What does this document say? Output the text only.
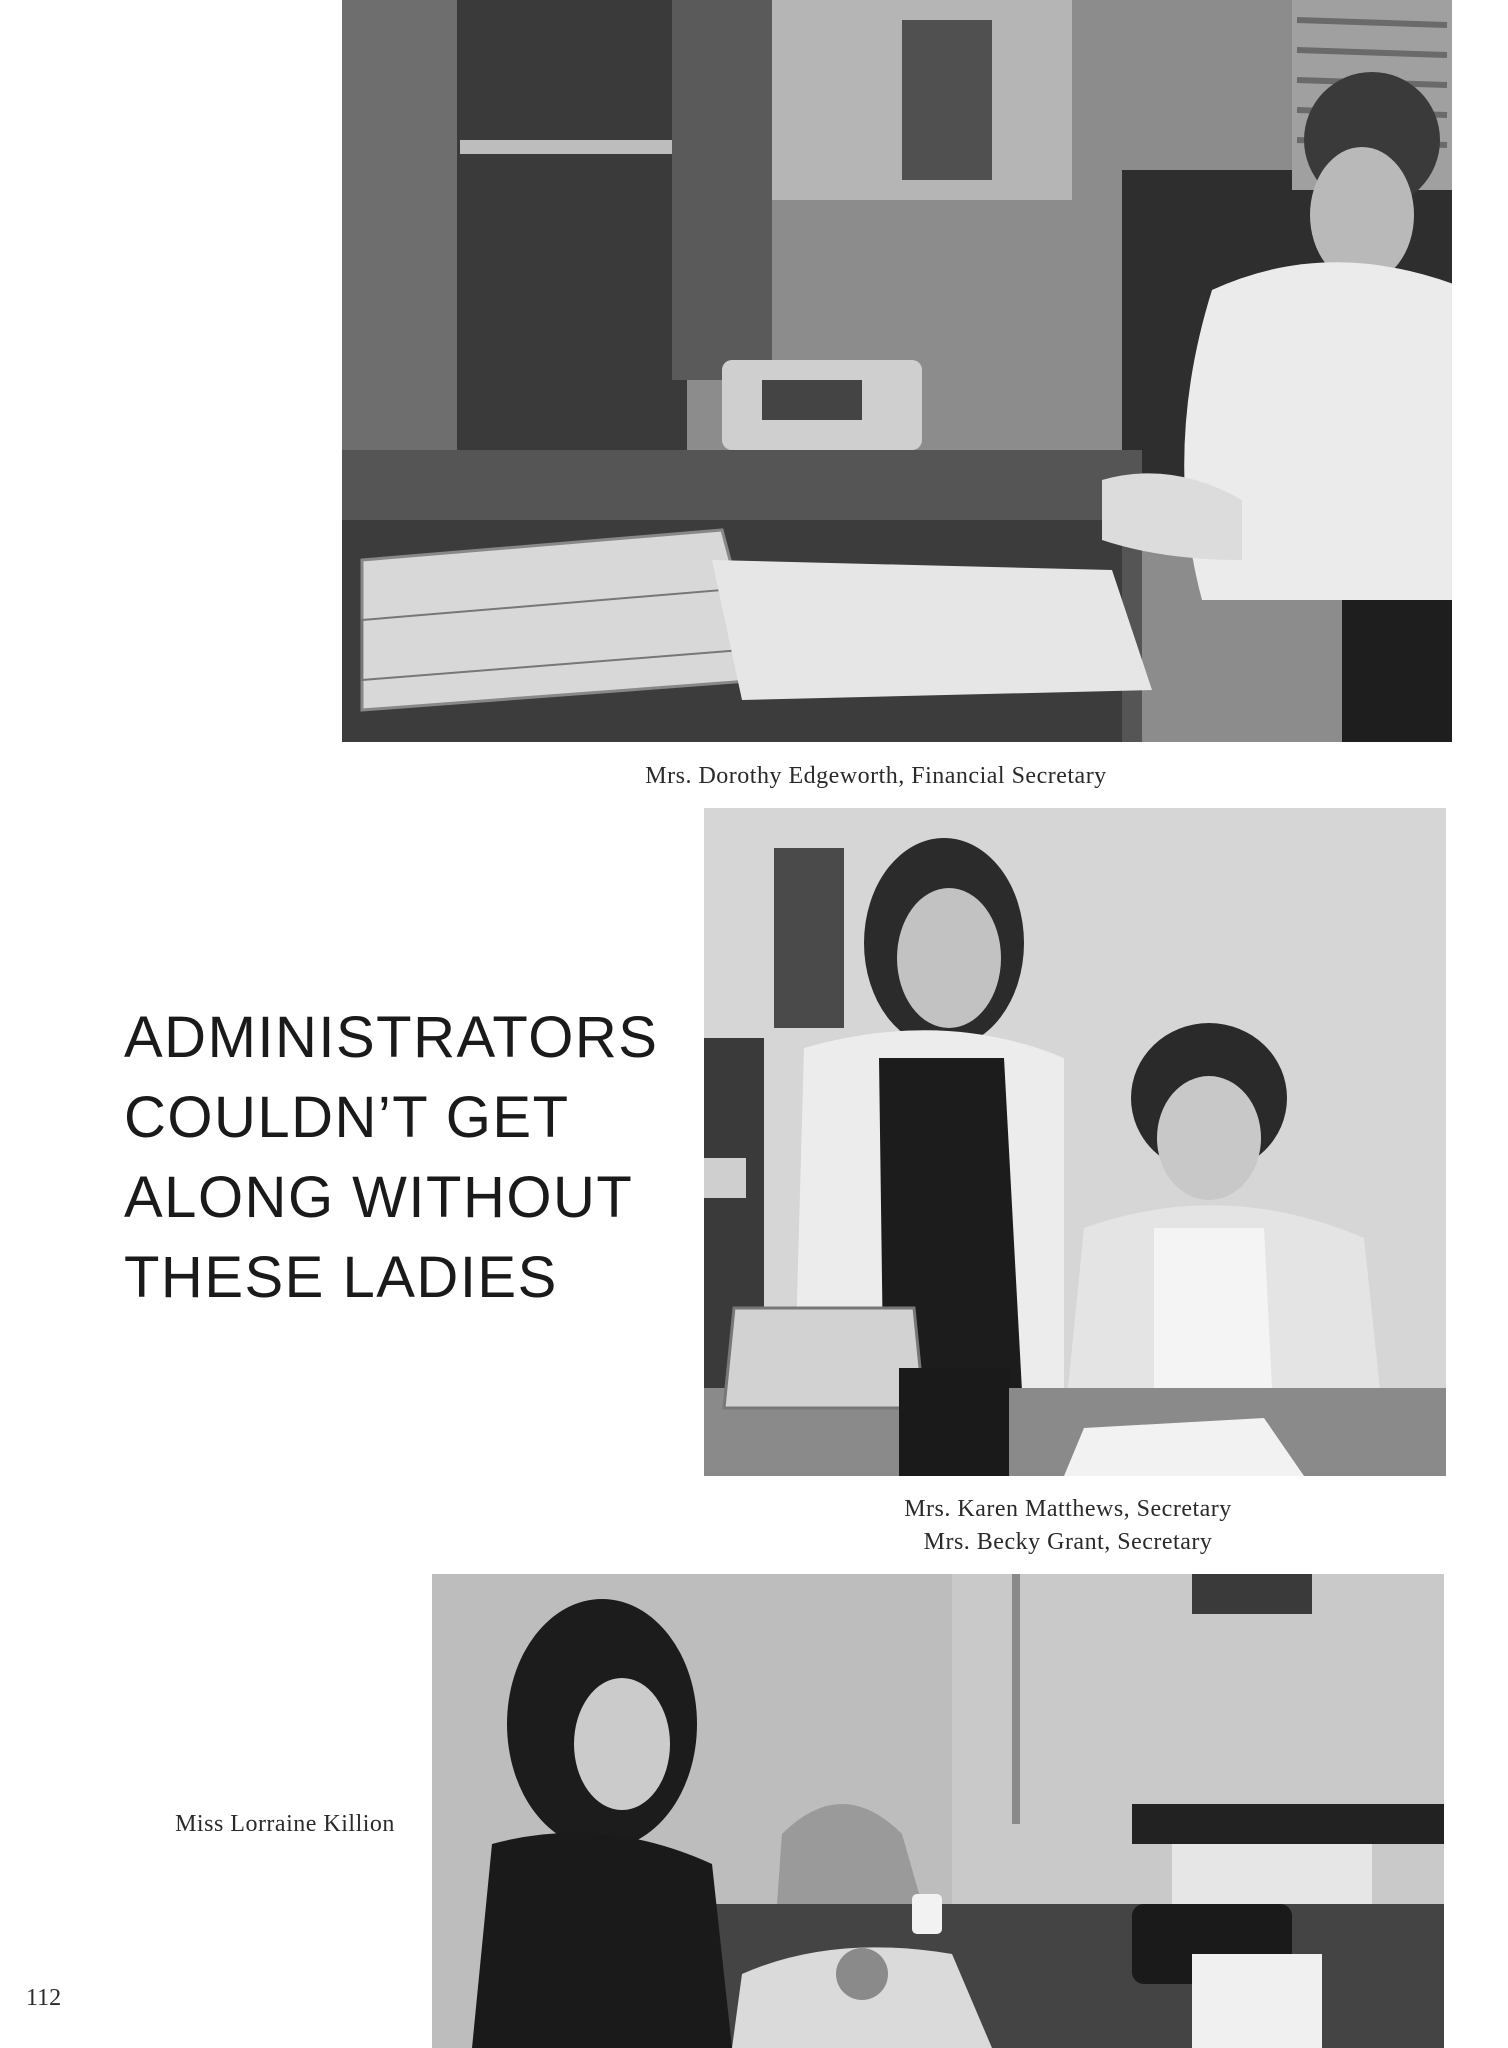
Mrs. Dorothy Edgeworth, Financial Secretary
ADMINISTRATORS
COULDN’T GET
ALONG WITHOUT
THESE LADIES
Mrs. Karen Matthews, Secretary
Mrs. Becky Grant, Secretary
Miss Lorraine Killion
112
